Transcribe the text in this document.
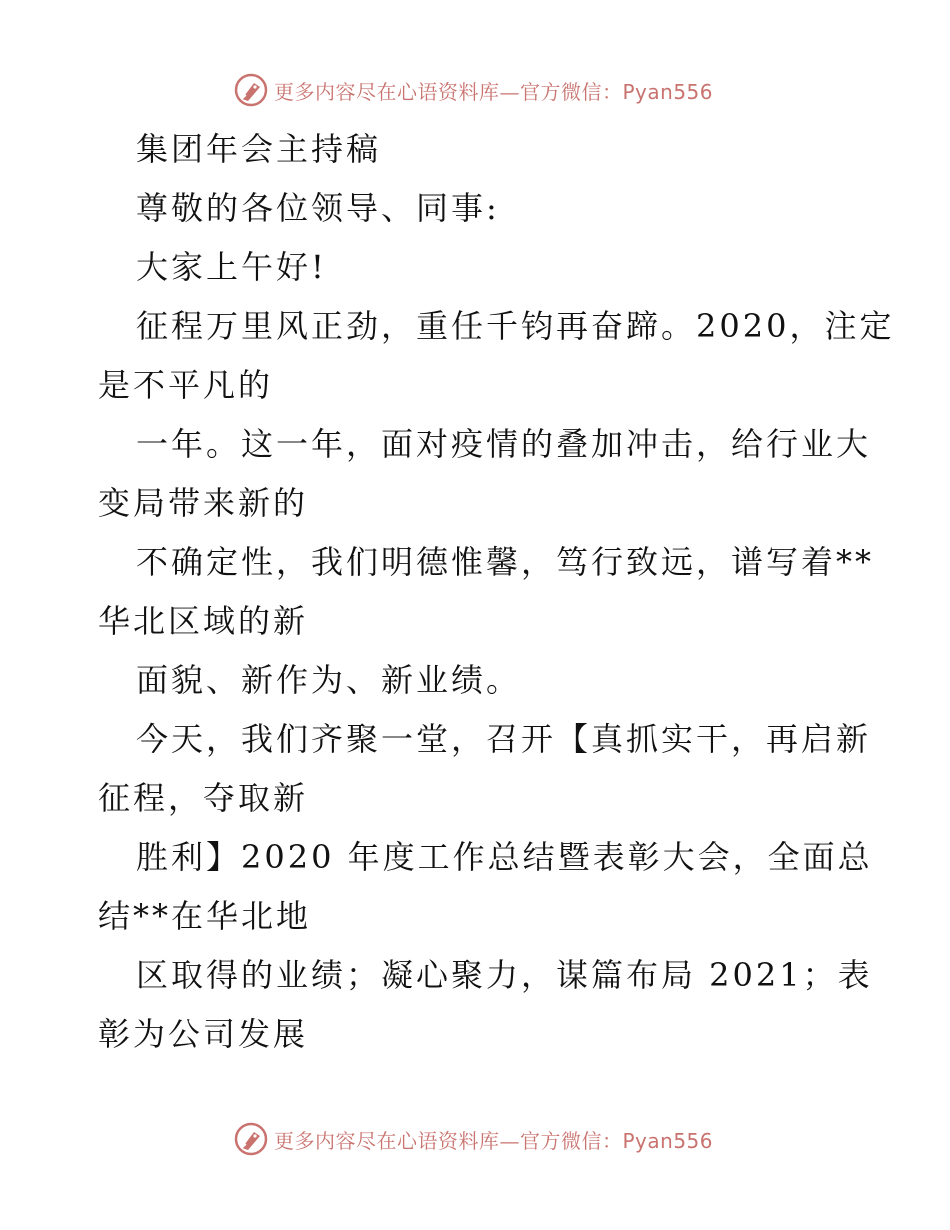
更多内容尽在心语资料库—官方微信：Pyan556
集团年会主持稿
尊敬的各位领导、同事:
大家上午好!
征程万里风正劲，重任千钧再奋蹄。2020，注定
是不平凡的
一年。这一年，面对疫情的叠加冲击，给行业大
变局带来新的
不确定性，我们明德惟馨，笃行致远，谱写着**
华北区域的新
面貌、新作为、新业绩。
今天，我们齐聚一堂，召开【真抓实干，再启新
征程，夺取新
胜利】2020 年度工作总结暨表彰大会，全面总
结**在华北地
区取得的业绩；凝心聚力，谋篇布局 2021；表
彰为公司发展
更多内容尽在心语资料库—官方微信：Pyan556
